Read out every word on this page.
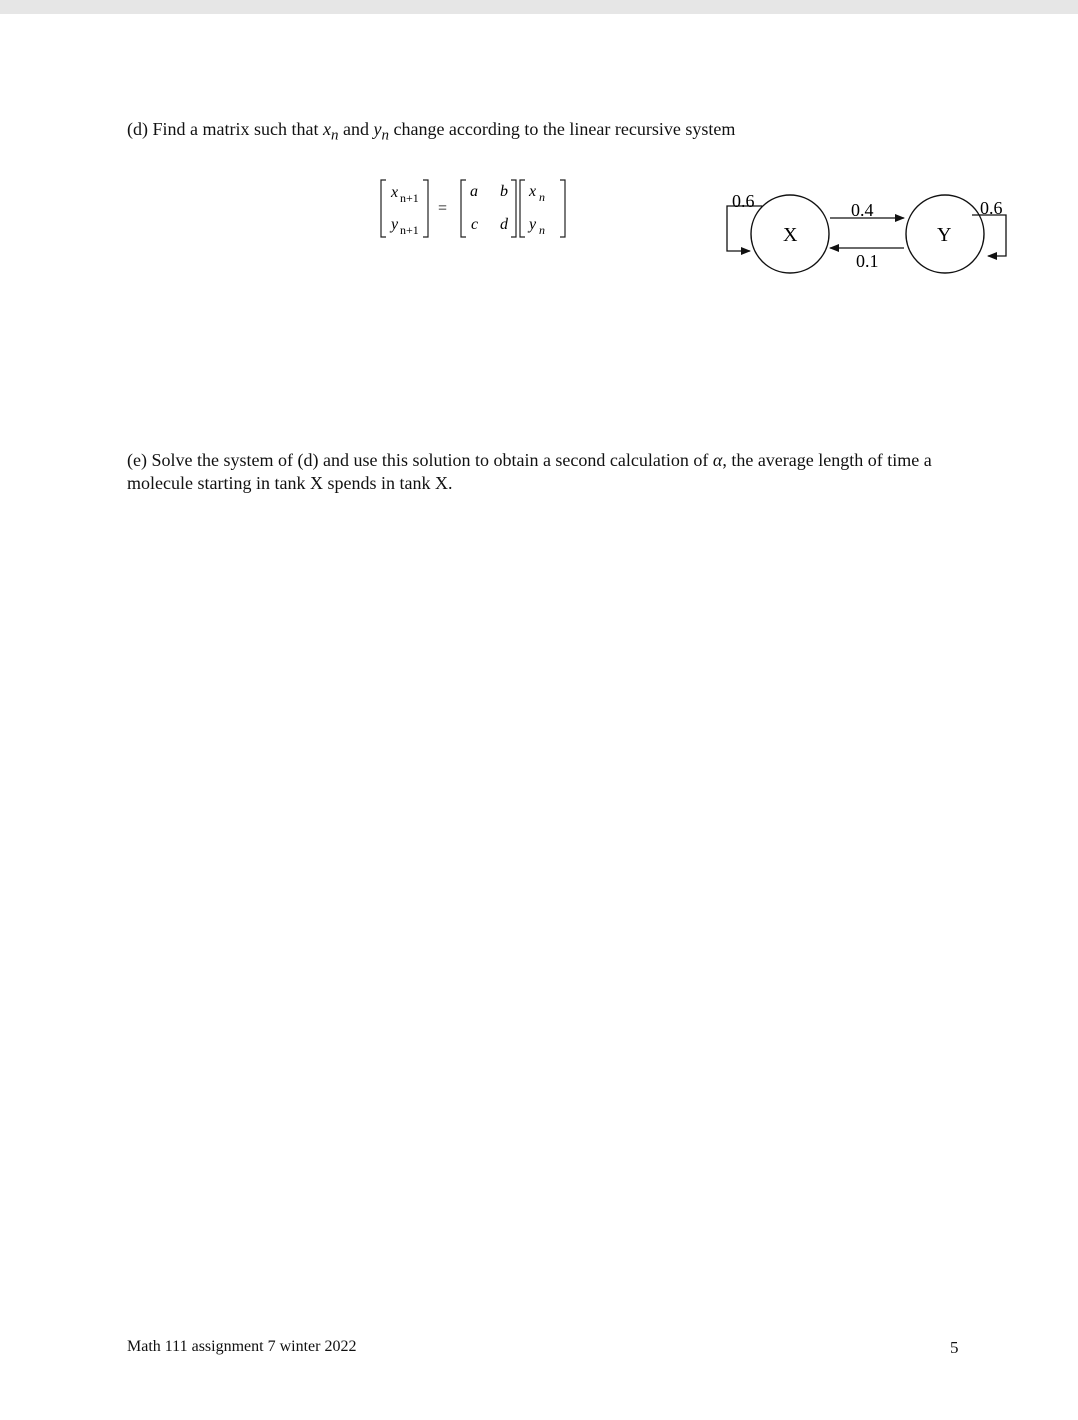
(d) Find a matrix such that $x_n$ and $y_n$ change according to the linear recursive system

x n+1
y n+1
=
a b
c d
x n
y n	X	Y
0.6	0.6
0.4
0.1

(e) Solve the system of (d) and use this solution to obtain a second calculation of α, the average length of time a molecule starting in tank X spends in tank X.

Math 111 assignment 7 winter 2022	5
